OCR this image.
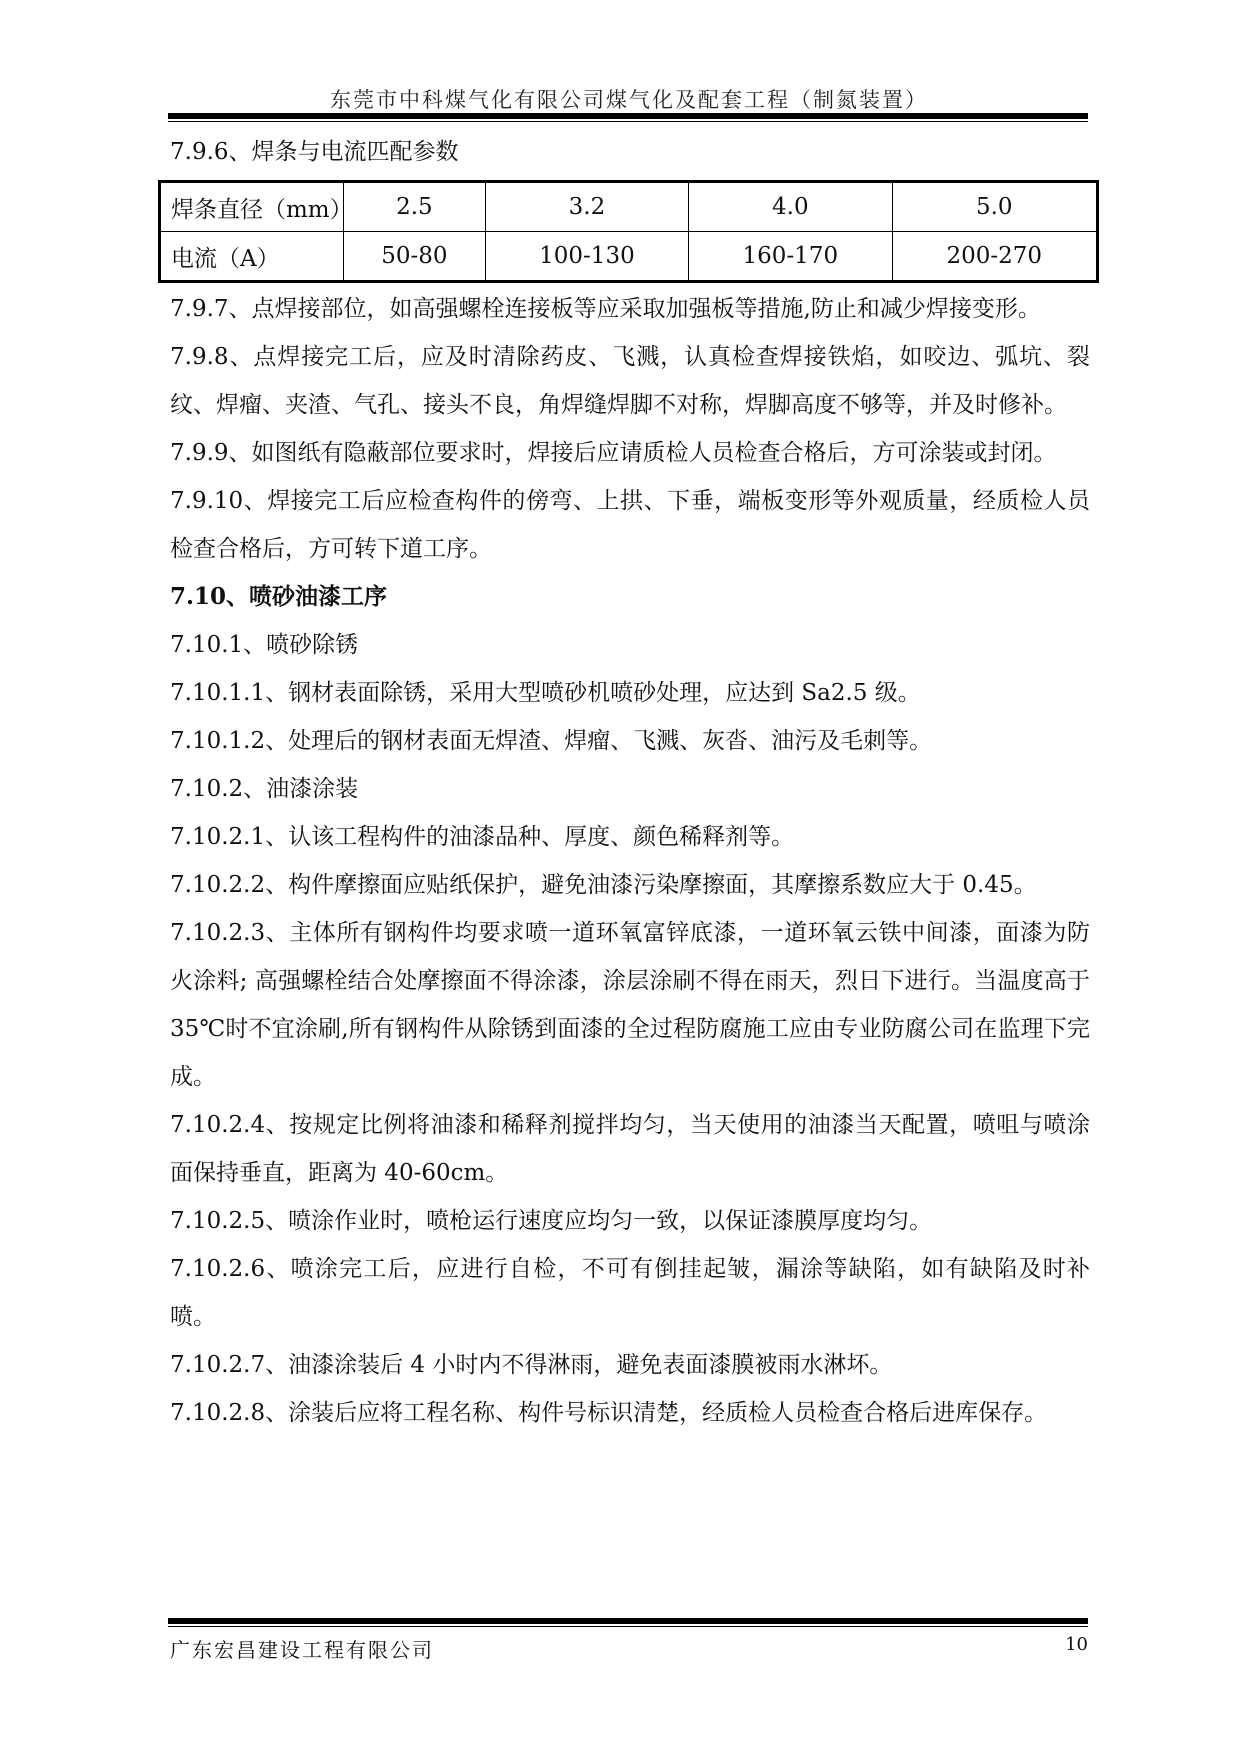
东莞市中科煤气化有限公司煤气化及配套工程（制氮装置）

7.9.6、焊条与电流匹配参数

焊条直径（mm）	2.5	3.2	4.0	5.0
电流（A）	50-80	100-130	160-170	200-270

7.9.7、点焊接部位，如高强螺栓连接板等应采取加强板等措施,防止和减少焊接变形。

7.9.8、点焊接完工后，应及时清除药皮、飞溅，认真检查焊接铁焰，如咬边、弧坑、裂纹、焊瘤、夹渣、气孔、接头不良，角焊缝焊脚不对称，焊脚高度不够等，并及时修补。

7.9.9、如图纸有隐蔽部位要求时，焊接后应请质检人员检查合格后，方可涂装或封闭。

7.9.10、焊接完工后应检查构件的傍弯、上拱、下垂，端板变形等外观质量，经质检人员检查合格后，方可转下道工序。

7.10、喷砂油漆工序

7.10.1、喷砂除锈

7.10.1.1、钢材表面除锈，采用大型喷砂机喷砂处理，应达到 Sa2.5 级。

7.10.1.2、处理后的钢材表面无焊渣、焊瘤、飞溅、灰沓、油污及毛刺等。

7.10.2、油漆涂装

7.10.2.1、认该工程构件的油漆品种、厚度、颜色稀释剂等。

7.10.2.2、构件摩擦面应贴纸保护，避免油漆污染摩擦面，其摩擦系数应大于 0.45。

7.10.2.3、主体所有钢构件均要求喷一道环氧富锌底漆，一道环氧云铁中间漆，面漆为防火涂料; 高强螺栓结合处摩擦面不得涂漆，涂层涂刷不得在雨天，烈日下进行。当温度高于 35℃时不宜涂刷,所有钢构件从除锈到面漆的全过程防腐施工应由专业防腐公司在监理下完成。

7.10.2.4、按规定比例将油漆和稀释剂搅拌均匀，当天使用的油漆当天配置，喷咀与喷涂面保持垂直，距离为 40-60cm。

7.10.2.5、喷涂作业时，喷枪运行速度应均匀一致，以保证漆膜厚度均匀。

7.10.2.6、喷涂完工后，应进行自检，不可有倒挂起皱，漏涂等缺陷，如有缺陷及时补喷。

7.10.2.7、油漆涂装后 4 小时内不得淋雨，避免表面漆膜被雨水淋坏。

7.10.2.8、涂装后应将工程名称、构件号标识清楚，经质检人员检查合格后进库保存。

广东宏昌建设工程有限公司	10
